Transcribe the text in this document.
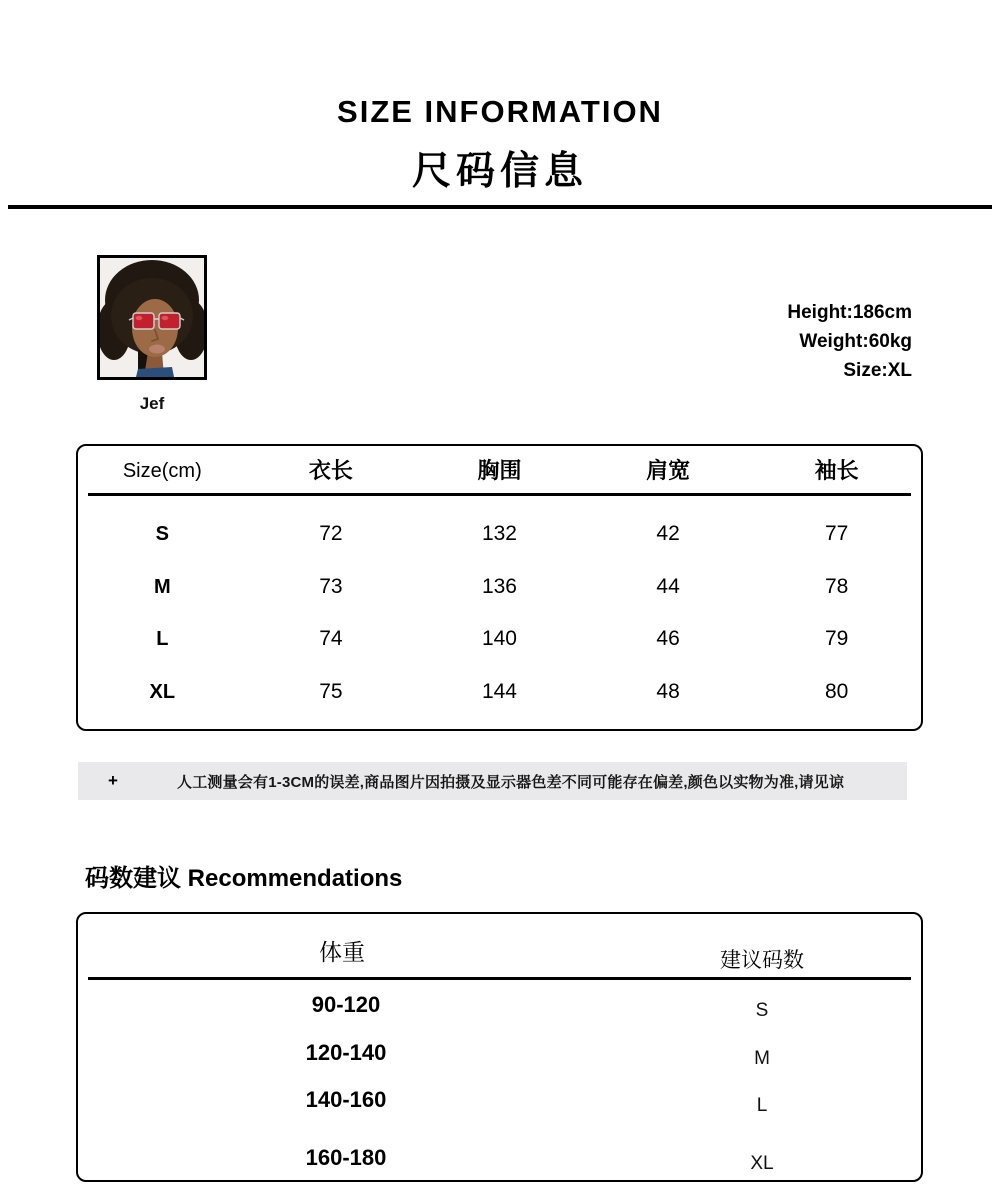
SIZE INFORMATION
尺码信息
Jef
Height:186cm
Weight:60kg
Size:XL
Size(cm)	衣长	胸围	肩宽	袖长
S	72	132	42	77
M	73	136	44	78
L	74	140	46	79
XL	75	144	48	80
+	人工测量会有1-3CM的误差,商品图片因拍摄及显示器色差不同可能存在偏差,颜色以实物为准,请见谅
码数建议 Recommendations
体重	建议码数
90-120	S
120-140	M
140-160	L
160-180	XL
